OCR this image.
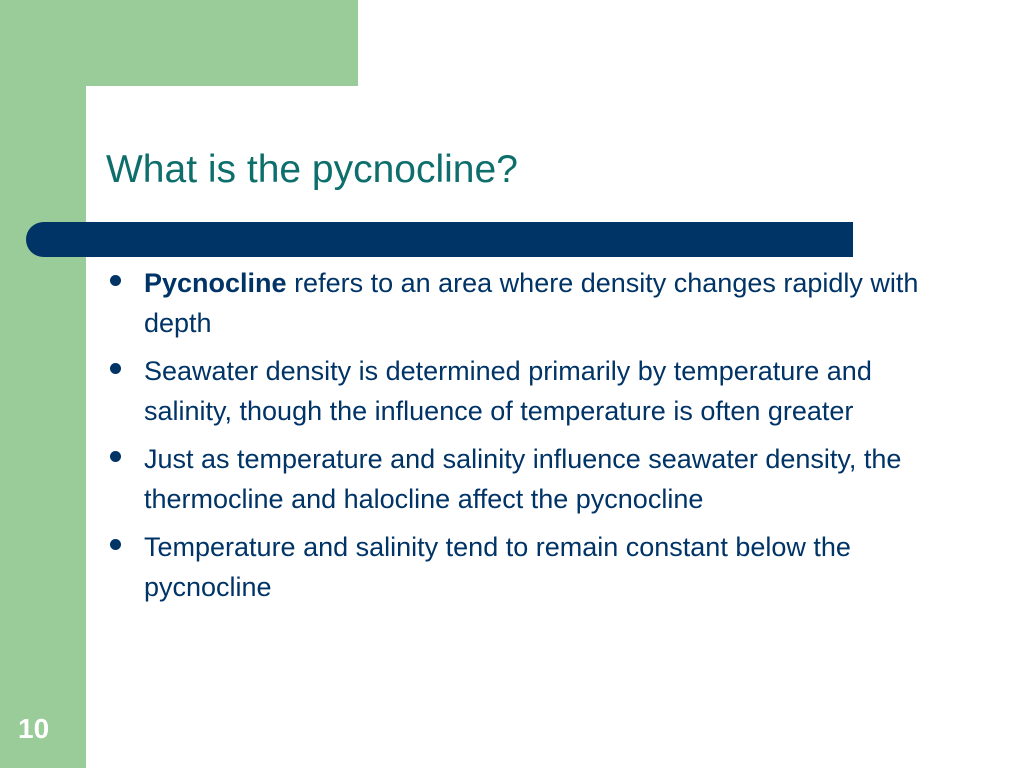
What is the pycnocline?
Pycnocline refers to an area where density changes rapidly with depth
Seawater density is determined primarily by temperature and salinity, though the influence of temperature is often greater
Just as temperature and salinity influence seawater density, the thermocline and halocline affect the pycnocline
Temperature and salinity tend to remain constant below the pycnocline
10
